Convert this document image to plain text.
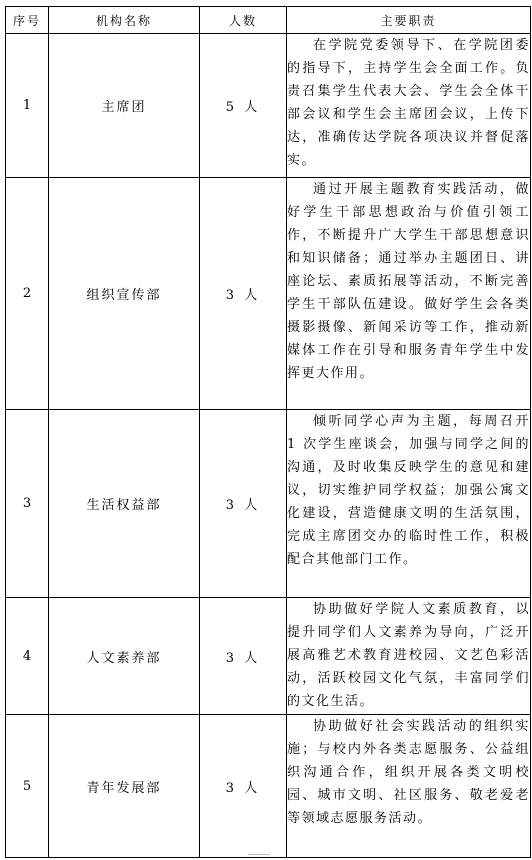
序号	机构名称	人数	主要职责
1	主席团	5 人	在学院党委领导下、在学院团委的指导下，主持学生会全面工作。负责召集学生代表大会、学生会全体干部会议和学生会主席团会议，上传下达，准确传达学院各项决议并督促落实。
2	组织宣传部	3 人	通过开展主题教育实践活动，做好学生干部思想政治与价值引领工作，不断提升广大学生干部思想意识和知识储备；通过举办主题团日、讲座论坛、素质拓展等活动，不断完善学生干部队伍建设。做好学生会各类摄影摄像、新闻采访等工作，推动新媒体工作在引导和服务青年学生中发挥更大作用。
3	生活权益部	3 人	倾听同学心声为主题，每周召开 1 次学生座谈会，加强与同学之间的沟通，及时收集反映学生的意见和建议，切实维护同学权益；加强公寓文化建设，营造健康文明的生活氛围，完成主席团交办的临时性工作，积极配合其他部门工作。
4	人文素养部	3 人	协助做好学院人文素质教育，以提升同学们人文素养为导向，广泛开展高雅艺术教育进校园、文艺色彩活动，活跃校园文化气氛，丰富同学们的文化生活。
5	青年发展部	3 人	协助做好社会实践活动的组织实施；与校内外各类志愿服务、公益组织沟通合作，组织开展各类文明校园、城市文明、社区服务、敬老爱老等领域志愿服务活动。
